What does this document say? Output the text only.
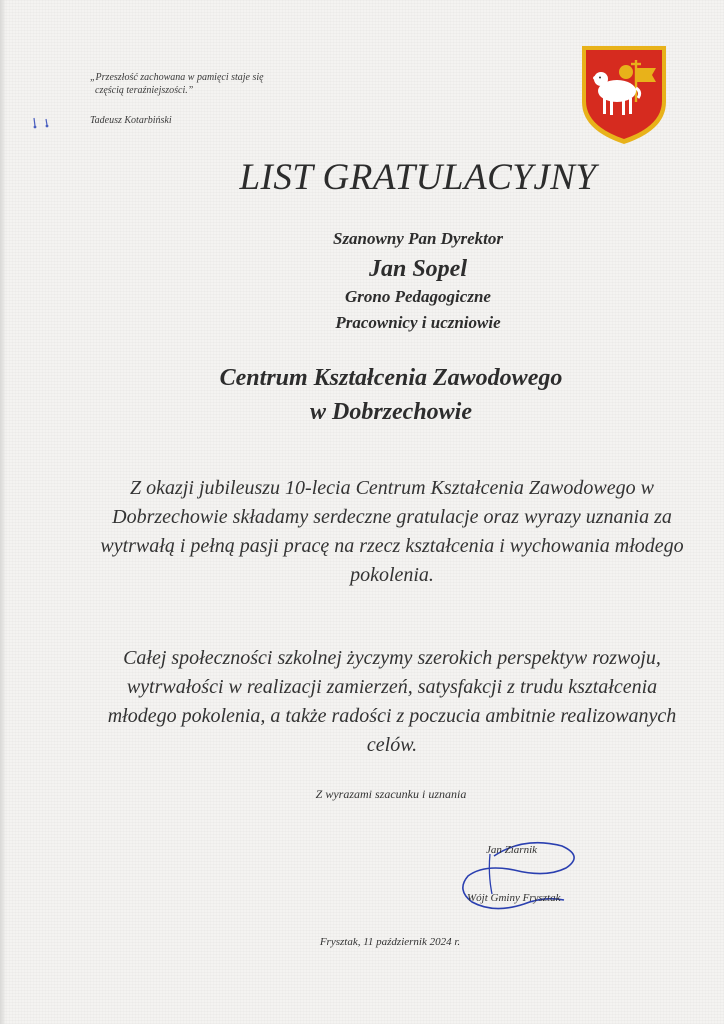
„Przeszłość zachowana w pamięci staje się
częścią teraźniejszości.”
Tadeusz Kotarbiński
LIST GRATULACYJNY
Szanowny Pan Dyrektor
Jan Sopel
Grono Pedagogiczne
Pracownicy i uczniowie
Centrum Kształcenia Zawodowego
w Dobrzechowie
Z okazji jubileuszu 10-lecia Centrum Kształcenia Zawodowego w Dobrzechowie składamy serdeczne gratulacje oraz wyrazy uznania za wytrwałą i pełną pasji pracę na rzecz kształcenia i wychowania młodego pokolenia.
Całej społeczności szkolnej życzymy szerokich perspektyw rozwoju, wytrwałości w realizacji zamierzeń, satysfakcji z trudu kształcenia młodego pokolenia, a także radości z poczucia ambitnie realizowanych celów.
Z wyrazami szacunku i uznania
Jan Ziarnik
Wójt Gminy Frysztak
Frysztak, 11 październik 2024 r.
